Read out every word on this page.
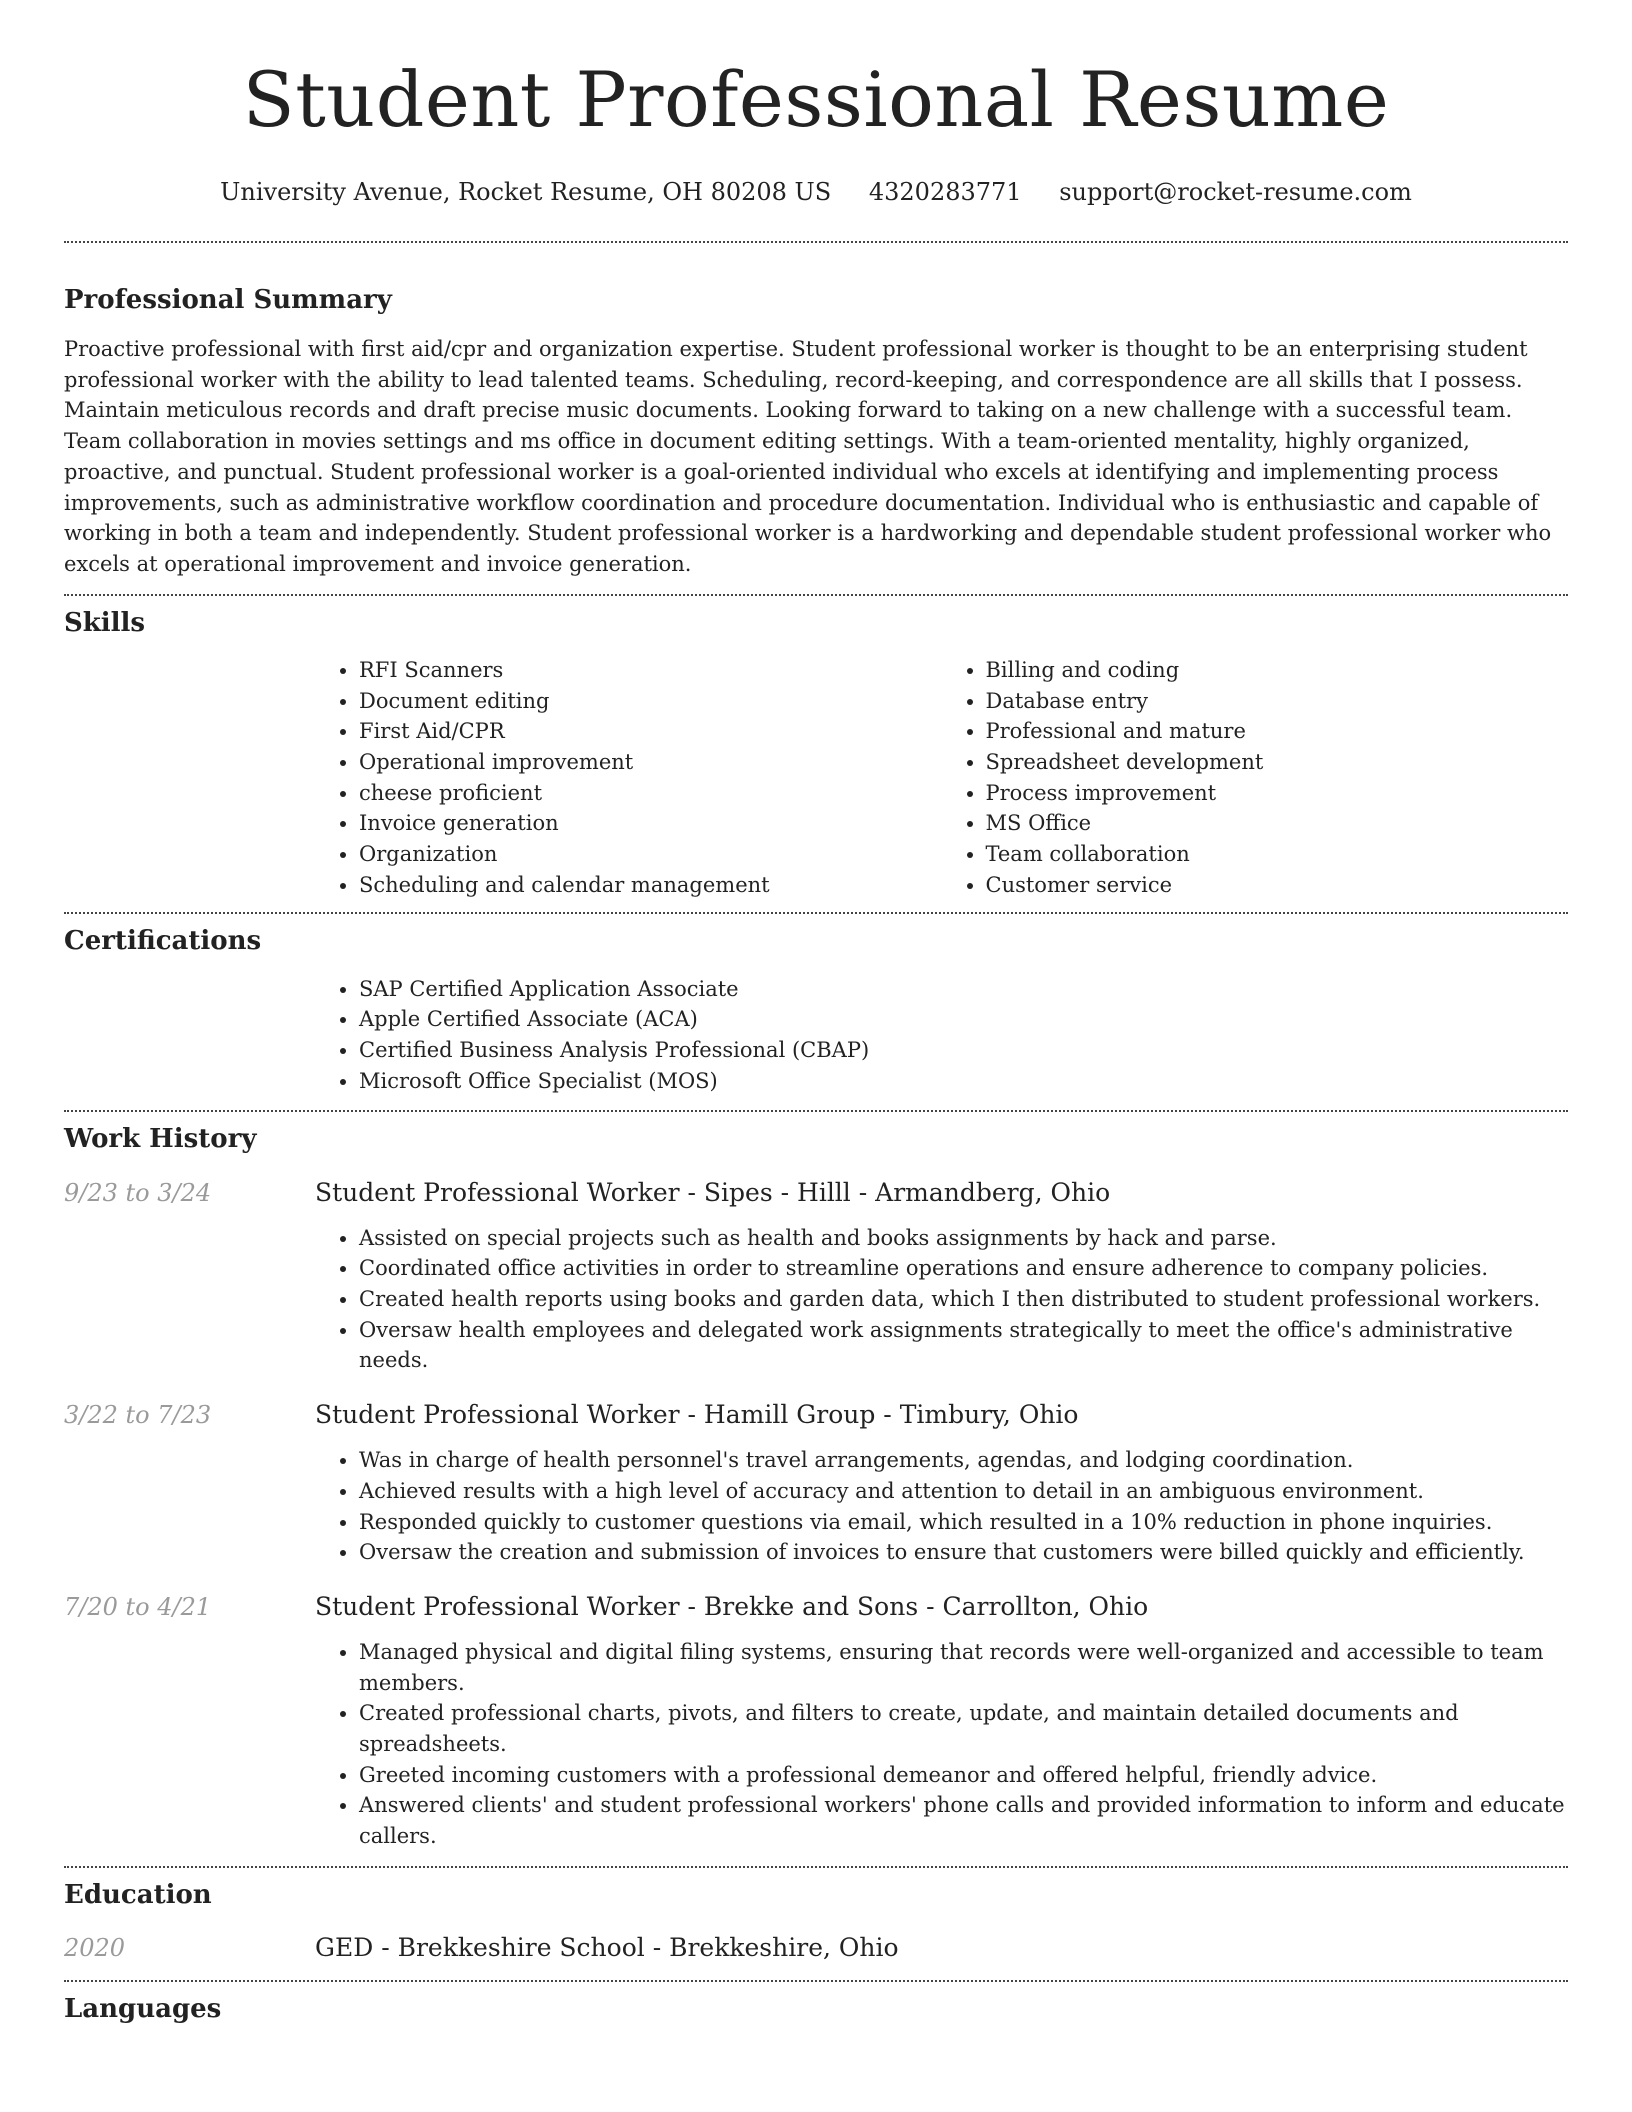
Student Professional Resume
University Avenue, Rocket Resume, OH 80208 US 4320283771 support@rocket-resume.com
Professional Summary

Proactive professional with first aid/cpr and organization expertise. Student professional worker is thought to be an enterprising student professional worker with the ability to lead talented teams. Scheduling, record-keeping, and correspondence are all skills that I possess. Maintain meticulous records and draft precise music documents. Looking forward to taking on a new challenge with a successful team. Team collaboration in movies settings and ms office in document editing settings. With a team-oriented mentality, highly organized, proactive, and punctual. Student professional worker is a goal-oriented individual who excels at identifying and implementing process improvements, such as administrative workflow coordination and procedure documentation. Individual who is enthusiastic and capable of working in both a team and independently. Student professional worker is a hardworking and dependable student professional worker who excels at operational improvement and invoice generation.

Skills
• RFI Scanners
• Document editing
• First Aid/CPR
• Operational improvement
• cheese proficient
• Invoice generation
• Organization
• Scheduling and calendar management
• Billing and coding
• Database entry
• Professional and mature
• Spreadsheet development
• Process improvement
• MS Office
• Team collaboration
• Customer service
Certifications
• SAP Certified Application Associate
• Apple Certified Associate (ACA)
• Certified Business Analysis Professional (CBAP)
• Microsoft Office Specialist (MOS)
Work History
9/23 to 3/24	Student Professional Worker - Sipes - Hilll - Armandberg, Ohio
• Assisted on special projects such as health and books assignments by hack and parse.
• Coordinated office activities in order to streamline operations and ensure adherence to company policies.
• Created health reports using books and garden data, which I then distributed to student professional workers.
• Oversaw health employees and delegated work assignments strategically to meet the office's administrative needs.
3/22 to 7/23	Student Professional Worker - Hamill Group - Timbury, Ohio
• Was in charge of health personnel's travel arrangements, agendas, and lodging coordination.
• Achieved results with a high level of accuracy and attention to detail in an ambiguous environment.
• Responded quickly to customer questions via email, which resulted in a 10% reduction in phone inquiries.
• Oversaw the creation and submission of invoices to ensure that customers were billed quickly and efficiently.
7/20 to 4/21	Student Professional Worker - Brekke and Sons - Carrollton, Ohio
• Managed physical and digital filing systems, ensuring that records were well-organized and accessible to team members.
• Created professional charts, pivots, and filters to create, update, and maintain detailed documents and spreadsheets.
• Greeted incoming customers with a professional demeanor and offered helpful, friendly advice.
• Answered clients' and student professional workers' phone calls and provided information to inform and educate callers.
Education
2020	GED - Brekkeshire School - Brekkeshire, Ohio
Languages
